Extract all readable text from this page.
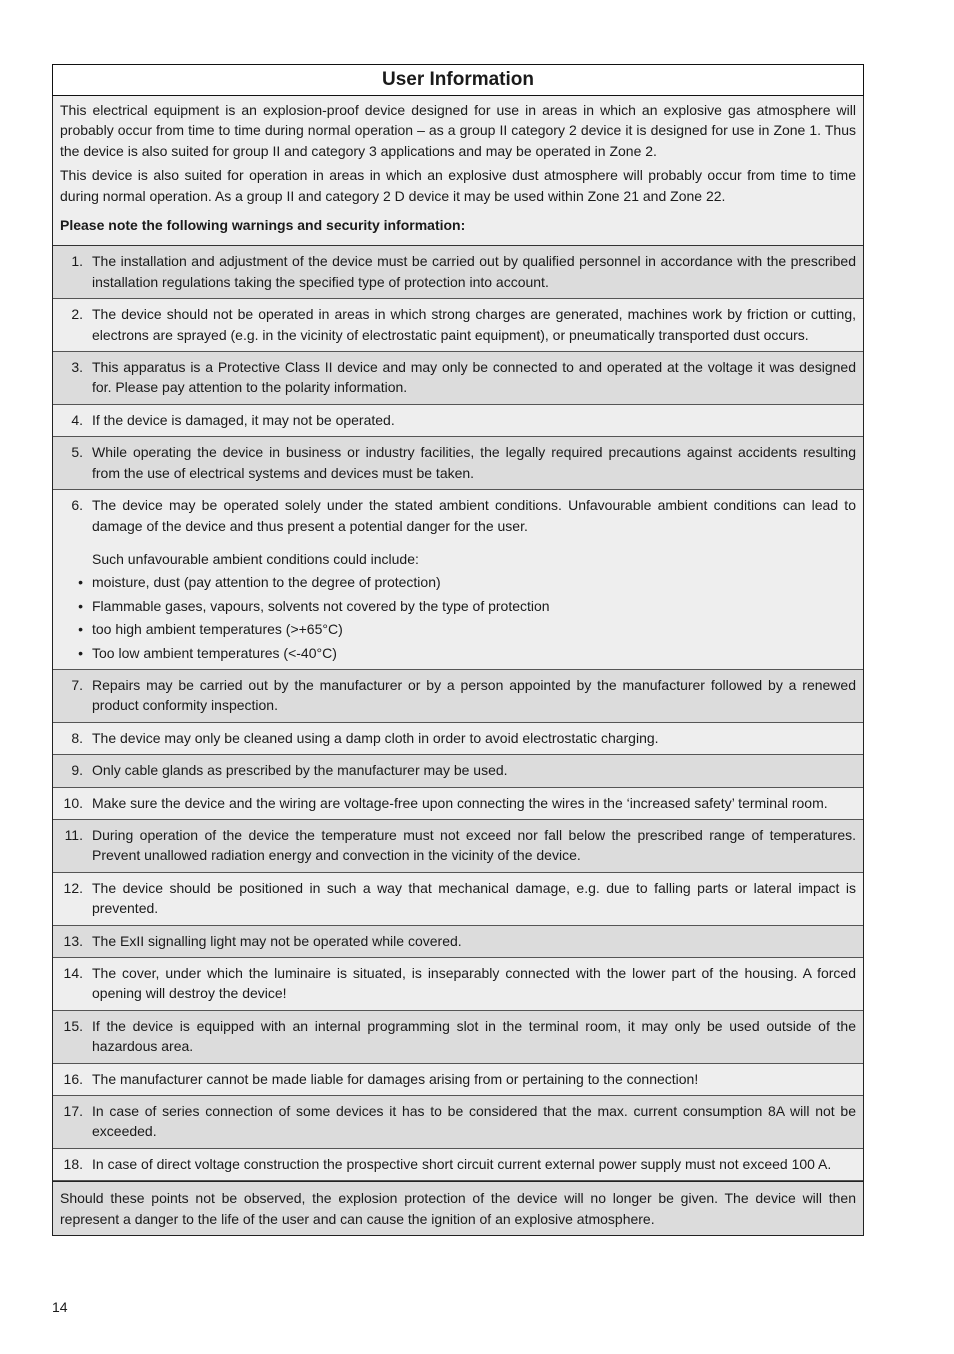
User Information

This electrical equipment is an explosion-proof device designed for use in areas in which an explosive gas atmosphere will probably occur from time to time during normal operation – as a group II category 2 device it is designed for use in Zone 1. Thus the device is also suited for group II and category 3 applications and may be operated in Zone 2.

This device is also suited for operation in areas in which an explosive dust atmosphere will probably occur from time to time during normal operation. As a group II and category 2 D device it may be used within Zone 21 and Zone 22.

Please note the following warnings and security information:

1. The installation and adjustment of the device must be carried out by qualified personnel in accordance with the prescribed installation regulations taking the specified type of protection into account.
2. The device should not be operated in areas in which strong charges are generated, machines work by friction or cutting, electrons are sprayed (e.g. in the vicinity of electrostatic paint equipment), or pneumatically transported dust occurs.
3. This apparatus is a Protective Class II device and may only be connected to and operated at the voltage it was designed for. Please pay attention to the polarity information.
4. If the device is damaged, it may not be operated.
5. While operating the device in business or industry facilities, the legally required precautions against accidents resulting from the use of electrical systems and devices must be taken.
6. The device may be operated solely under the stated ambient conditions. Unfavourable ambient conditions can lead to damage of the device and thus present a potential danger for the user.
Such unfavourable ambient conditions could include:
• moisture, dust (pay attention to the degree of protection)
• Flammable gases, vapours, solvents not covered by the type of protection
• too high ambient temperatures (>+65°C)
• Too low ambient temperatures (<-40°C)
7. Repairs may be carried out by the manufacturer or by a person appointed by the manufacturer followed by a renewed product conformity inspection.
8. The device may only be cleaned using a damp cloth in order to avoid electrostatic charging.
9. Only cable glands as prescribed by the manufacturer may be used.
10. Make sure the device and the wiring are voltage-free upon connecting the wires in the ‘increased safety’ terminal room.
11. During operation of the device the temperature must not exceed nor fall below the prescribed range of temperatures. Prevent unallowed radiation energy and convection in the vicinity of the device.
12. The device should be positioned in such a way that mechanical damage, e.g. due to falling parts or lateral impact is prevented.
13. The ExII signalling light may not be operated while covered.
14. The cover, under which the luminaire is situated, is inseparably connected with the lower part of the housing. A forced opening will destroy the device!
15. If the device is equipped with an internal programming slot in the terminal room, it may only be used outside of the hazardous area.
16. The manufacturer cannot be made liable for damages arising from or pertaining to the connection!
17. In case of series connection of some devices it has to be considered that the max. current consumption 8A will not be exceeded.
18. In case of direct voltage construction the prospective short circuit current external power supply must not exceed 100 A.
Should these points not be observed, the explosion protection of the device will no longer be given. The device will then represent a danger to the life of the user and can cause the ignition of an explosive atmosphere.
14
